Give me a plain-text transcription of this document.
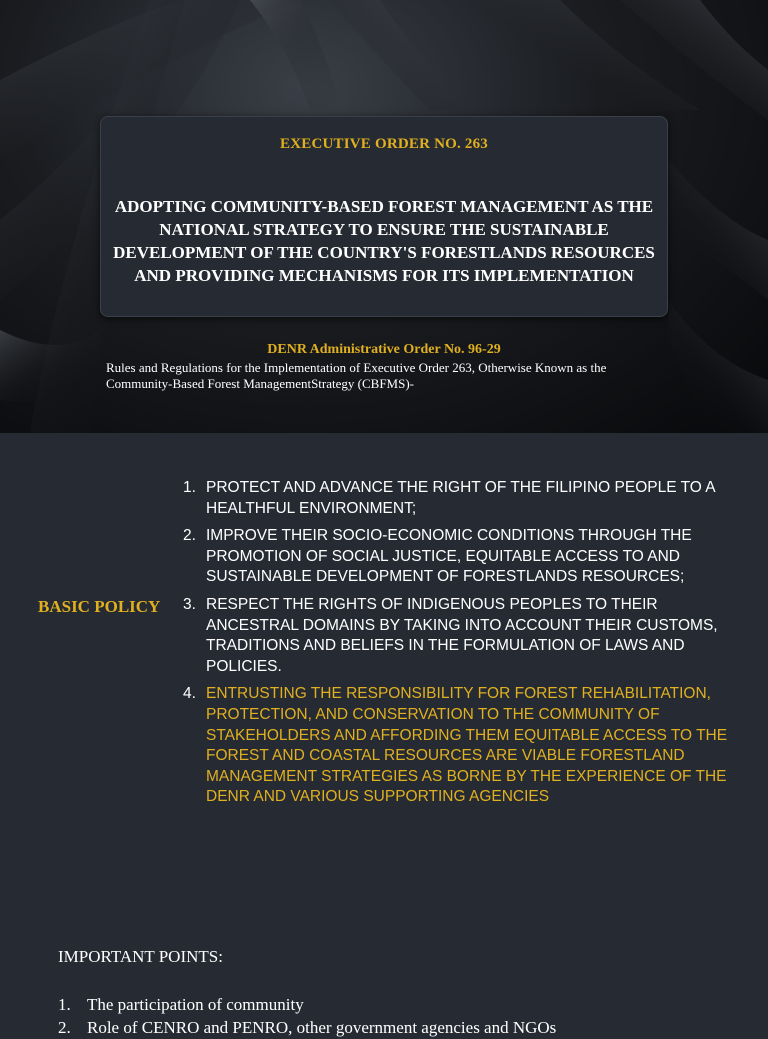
EXECUTIVE ORDER NO. 263
ADOPTING COMMUNITY-BASED FOREST MANAGEMENT AS THE NATIONAL STRATEGY TO ENSURE THE SUSTAINABLE DEVELOPMENT OF THE COUNTRY'S FORESTLANDS RESOURCES AND PROVIDING MECHANISMS FOR ITS IMPLEMENTATION
DENR Administrative Order No. 96-29
Rules and Regulations for the Implementation of Executive Order 263, Otherwise Known as the Community-Based Forest ManagementStrategy (CBFMS)-
BASIC POLICY
1. PROTECT AND ADVANCE THE RIGHT OF THE FILIPINO PEOPLE TO A HEALTHFUL ENVIRONMENT;
2. IMPROVE THEIR SOCIO-ECONOMIC CONDITIONS THROUGH THE PROMOTION OF SOCIAL JUSTICE, EQUITABLE ACCESS TO AND SUSTAINABLE DEVELOPMENT OF FORESTLANDS RESOURCES;
3. RESPECT THE RIGHTS OF INDIGENOUS PEOPLES TO THEIR ANCESTRAL DOMAINS BY TAKING INTO ACCOUNT THEIR CUSTOMS, TRADITIONS AND BELIEFS IN THE FORMULATION OF LAWS AND POLICIES.
4. ENTRUSTING THE RESPONSIBILITY FOR FOREST REHABILITATION, PROTECTION, AND CONSERVATION TO THE COMMUNITY OF STAKEHOLDERS AND AFFORDING THEM EQUITABLE ACCESS TO THE FOREST AND COASTAL RESOURCES ARE VIABLE FORESTLAND MANAGEMENT STRATEGIES AS BORNE BY THE EXPERIENCE OF THE DENR AND VARIOUS SUPPORTING AGENCIES
IMPORTANT POINTS:
1. The participation of community
2. Role of CENRO and PENRO, other government agencies and NGOs
